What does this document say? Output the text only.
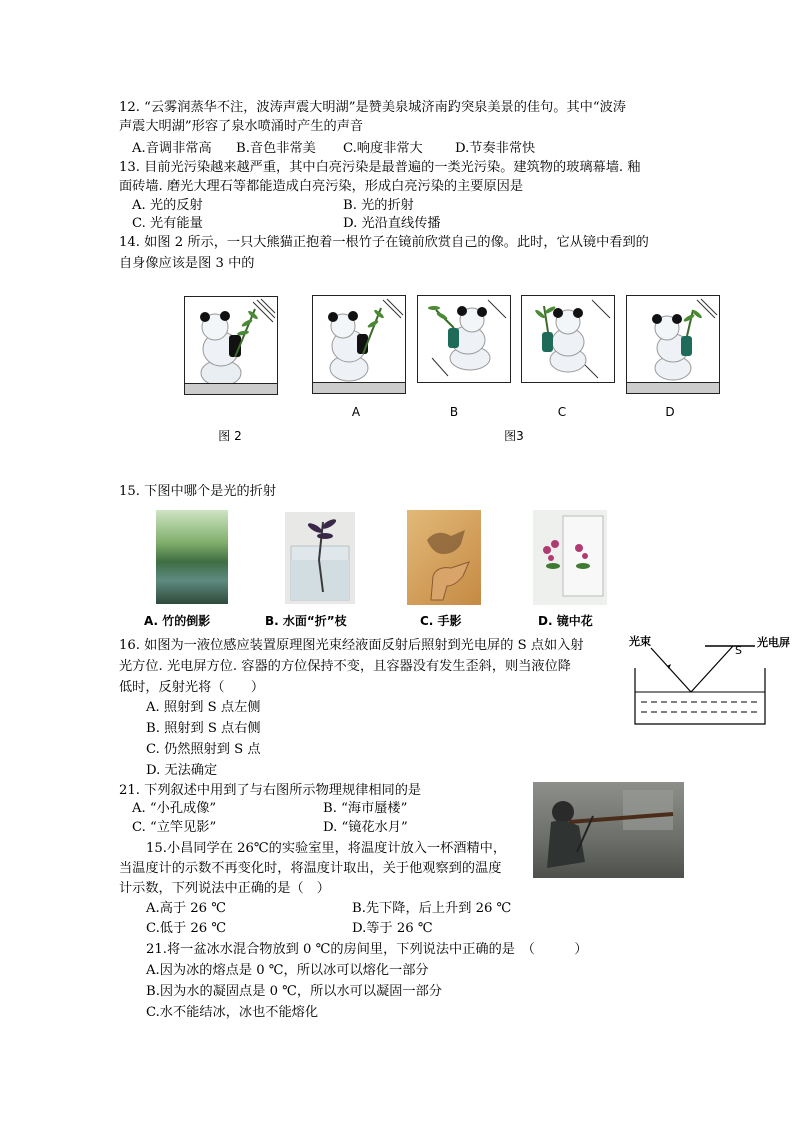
12. “云雾润蒸华不注，波涛声震大明湖”是赞美泉城济南趵突泉美景的佳句。其中“波涛
声震大明湖”形容了泉水喷涌时产生的声音
A.音调非常高 B.音色非常美 C.响度非常大 D.节奏非常快
13. 目前光污染越来越严重，其中白亮污染是最普遍的一类光污染。建筑物的玻璃幕墙. 釉
面砖墙. 磨光大理石等都能造成白亮污染，形成白亮污染的主要原因是
A. 光的反射	B. 光的折射
C. 光有能量	D. 光沿直线传播
14. 如图 2 所示，一只大熊猫正抱着一根竹子在镜前欣赏自己的像。此时，它从镜中看到的
自身像应该是图 3 中的
A	B	C	D
图 2	图3
15. 下图中哪个是光的折射
A. 竹的倒影	B. 水面“折”枝	C. 手影	D. 镜中花
16. 如图为一液位感应装置原理图光束经液面反射后照射到光电屏的 S 点如入射
光方位. 光电屏方位. 容器的方位保持不变，且容器没有发生歪斜，则当液位降
低时，反射光将（　　）
A. 照射到 S 点左侧
B. 照射到 S 点右侧
C. 仍然照射到 S 点
D. 无法确定
光束	光电屏
S
21. 下列叙述中用到了与右图所示物理规律相同的是
A. “小孔成像”	B. “海市蜃楼”
C. “立竿见影”	D. “镜花水月”
15.小昌同学在 26℃的实验室里，将温度计放入一杯酒精中，
当温度计的示数不再变化时，将温度计取出，关于他观察到的温度
计示数，下列说法中正确的是（　）
A.高于 26 ℃	B.先下降，后上升到 26 ℃
C.低于 26 ℃	D.等于 26 ℃
21.将一盆冰水混合物放到 0 ℃的房间里，下列说法中正确的是　（　　　）
A.因为冰的熔点是 0 ℃，所以冰可以熔化一部分
B.因为水的凝固点是 0 ℃，所以水可以凝固一部分
C.水不能结冰，冰也不能熔化
